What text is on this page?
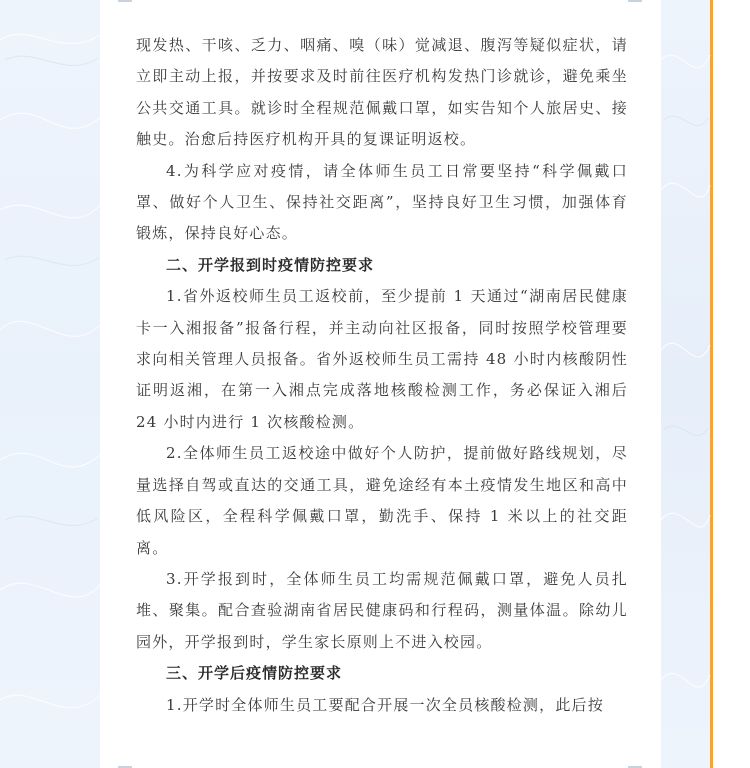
现发热、干咳、乏力、咽痛、嗅（味）觉减退、腹泻等疑似症状，请立即主动上报，并按要求及时前往医疗机构发热门诊就诊，避免乘坐公共交通工具。就诊时全程规范佩戴口罩，如实告知个人旅居史、接触史。治愈后持医疗机构开具的复课证明返校。

4.为科学应对疫情，请全体师生员工日常要坚持“科学佩戴口罩、做好个人卫生、保持社交距离”，坚持良好卫生习惯，加强体育锻炼，保持良好心态。

二、开学报到时疫情防控要求

1.省外返校师生员工返校前，至少提前 1 天通过“湖南居民健康卡一入湘报备”报备行程，并主动向社区报备，同时按照学校管理要求向相关管理人员报备。省外返校师生员工需持 48 小时内核酸阴性证明返湘，在第一入湘点完成落地核酸检测工作，务必保证入湘后 24 小时内进行 1 次核酸检测。

2.全体师生员工返校途中做好个人防护，提前做好路线规划，尽量选择自驾或直达的交通工具，避免途经有本土疫情发生地区和高中低风险区，全程科学佩戴口罩，勤洗手、保持 1 米以上的社交距离。

3.开学报到时，全体师生员工均需规范佩戴口罩，避免人员扎堆、聚集。配合查验湖南省居民健康码和行程码，测量体温。除幼儿园外，开学报到时，学生家长原则上不进入校园。

三、开学后疫情防控要求

1.开学时全体师生员工要配合开展一次全员核酸检测，此后按
